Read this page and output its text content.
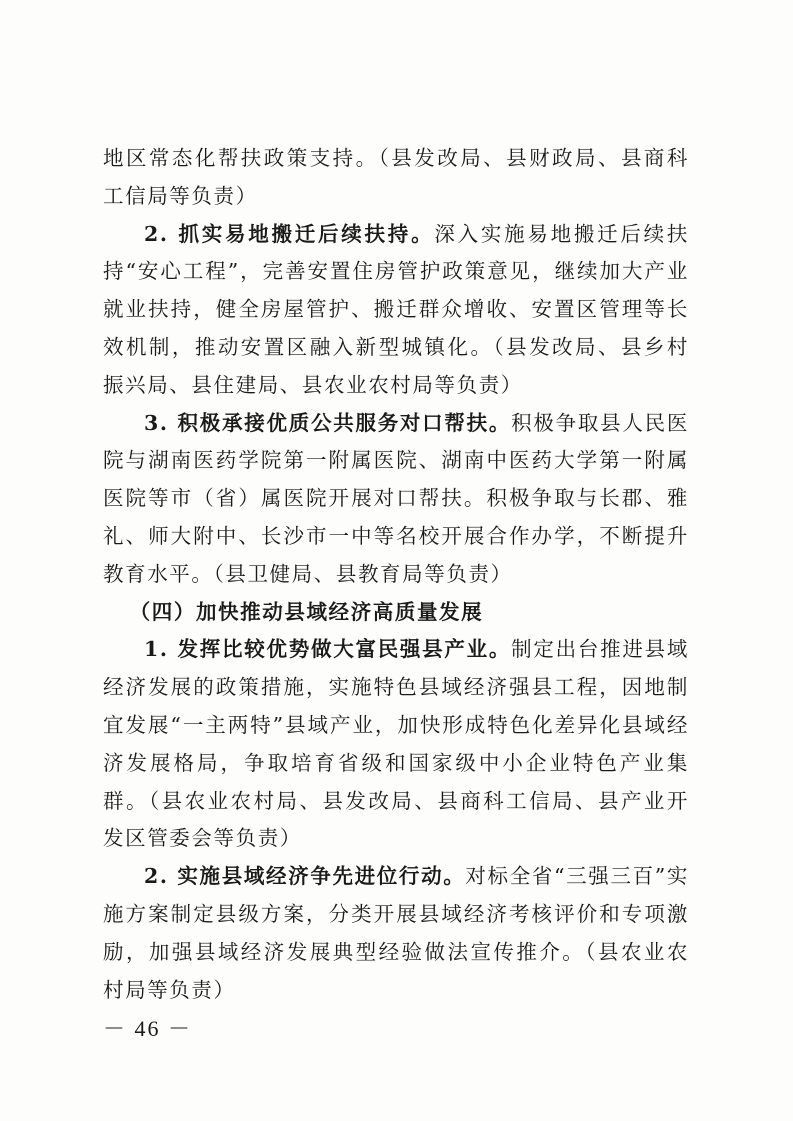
地区常态化帮扶政策支持。（县发改局、县财政局、县商科工信局等负责）

2. 抓实易地搬迁后续扶持。深入实施易地搬迁后续扶持“安心工程”，完善安置住房管护政策意见，继续加大产业就业扶持，健全房屋管护、搬迁群众增收、安置区管理等长效机制，推动安置区融入新型城镇化。（县发改局、县乡村振兴局、县住建局、县农业农村局等负责）

3. 积极承接优质公共服务对口帮扶。积极争取县人民医院与湖南医药学院第一附属医院、湖南中医药大学第一附属医院等市（省）属医院开展对口帮扶。积极争取与长郡、雅礼、师大附中、长沙市一中等名校开展合作办学，不断提升教育水平。（县卫健局、县教育局等负责）

（四）加快推动县域经济高质量发展

1. 发挥比较优势做大富民强县产业。制定出台推进县域经济发展的政策措施，实施特色县域经济强县工程，因地制宜发展“一主两特”县域产业，加快形成特色化差异化县域经济发展格局，争取培育省级和国家级中小企业特色产业集群。（县农业农村局、县发改局、县商科工信局、县产业开发区管委会等负责）

2. 实施县域经济争先进位行动。对标全省“三强三百”实施方案制定县级方案，分类开展县域经济考核评价和专项激励，加强县域经济发展典型经验做法宣传推介。（县农业农村局等负责）

－ 46 －
